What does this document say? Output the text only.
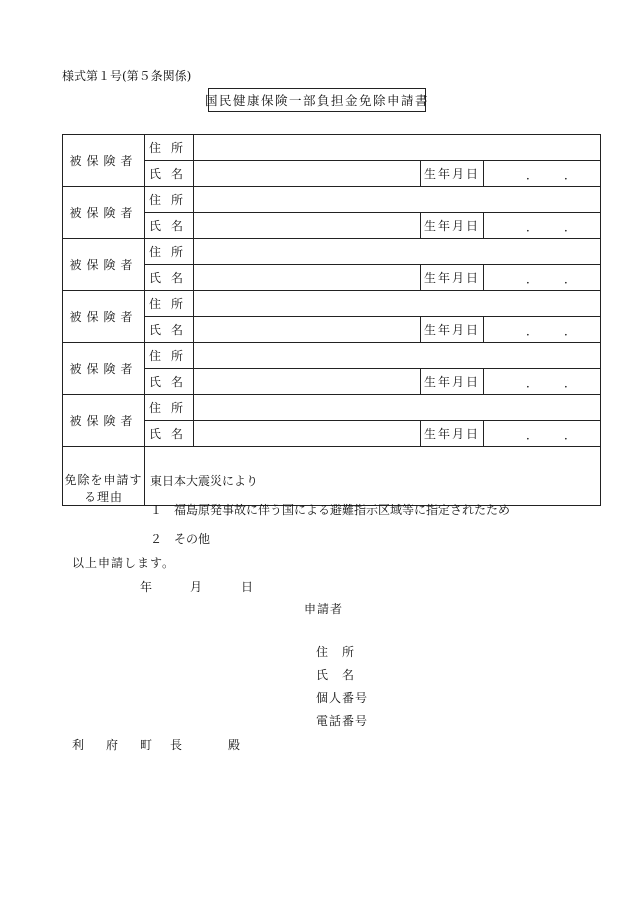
様式第１号(第５条関係)
国民健康保険一部負担金免除申請書
被保険者	住所			
	氏名		生年月日	． ．

被保険者	住所			
	氏名		生年月日	． ．

被保険者	住所			
	氏名		生年月日	． ．

被保険者	住所			
	氏名		生年月日	． ．

被保険者	住所			
	氏名		生年月日	． ．

被保険者	住所			
	氏名		生年月日	． ．

免除を申請する理由	東日本大震災により
１　福島原発事故に伴う国による避難指示区域等に指定されたため
２　その他			
以上申請します。
年	月	日
申請者
住所
氏名
個人番号
電話番号
利 府 町 長	殿
